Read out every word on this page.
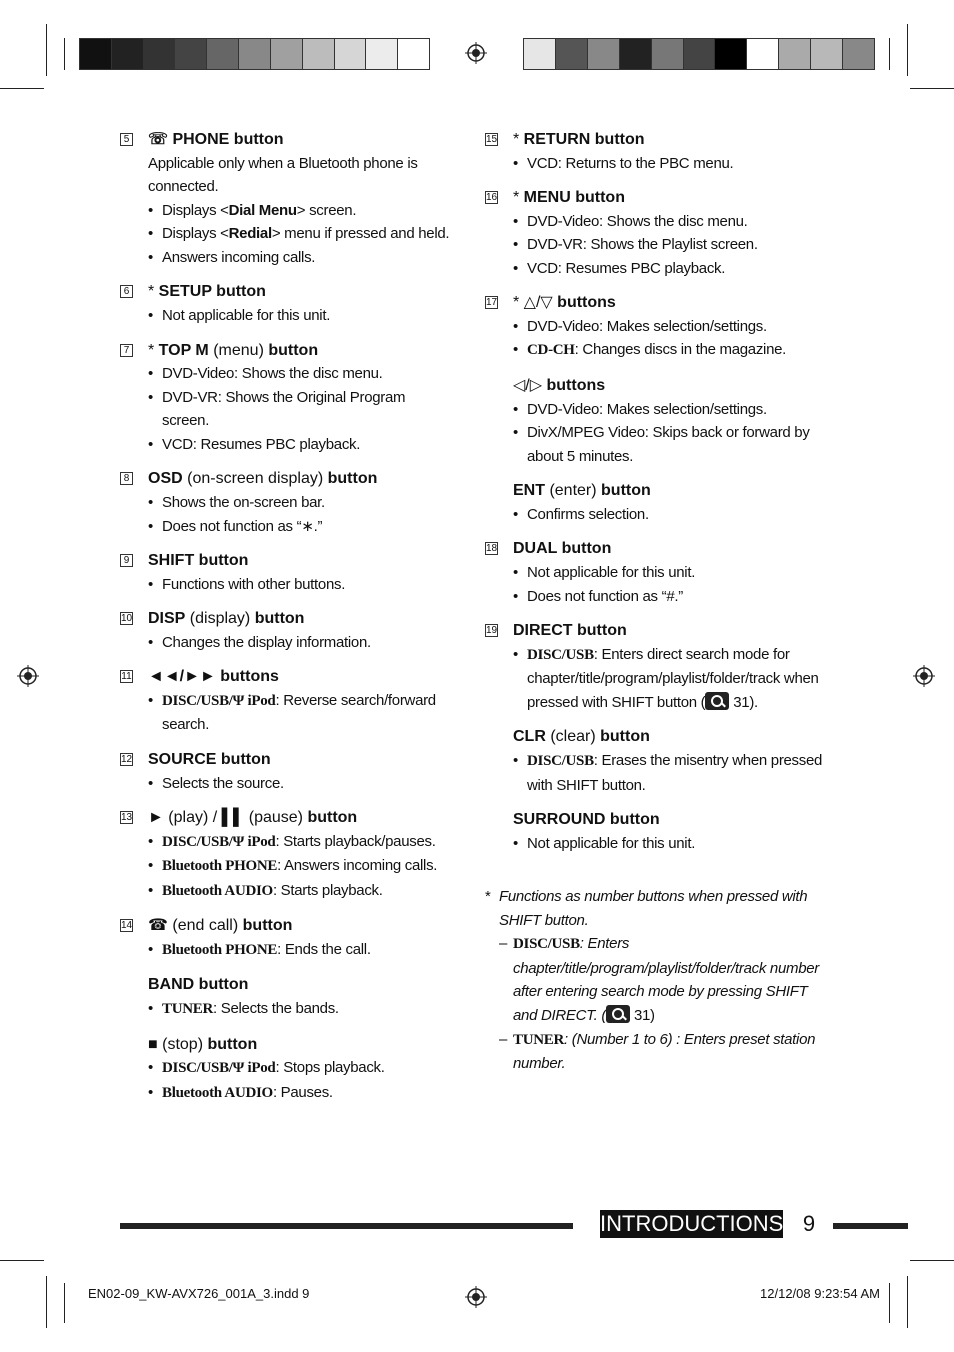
5	☏ PHONE button
Applicable only when a Bluetooth phone is
connected.
• Displays <Dial Menu> screen.
• Displays <Redial> menu if pressed and held.
• Answers incoming calls.
6	* SETUP button
• Not applicable for this unit.
7	* TOP M (menu) button
• DVD-Video: Shows the disc menu.
• DVD-VR: Shows the Original Program screen.
• VCD: Resumes PBC playback.
8	OSD (on-screen display) button
• Shows the on-screen bar.
• Does not function as “∗.”
9	SHIFT button
• Functions with other buttons.
10 DISP (display) button
• Changes the display information.
11	◄◄/►► buttons
• DISC/USB/Ψ iPod: Reverse search/forward search.
12 SOURCE button
• Selects the source.
13 ► (play) / ▌▌ (pause) button
• DISC/USB/Ψ iPod: Starts playback/pauses.
• Bluetooth PHONE: Answers incoming calls.
• Bluetooth AUDIO: Starts playback.
14 ☎ (end call) button
• Bluetooth PHONE: Ends the call.
BAND button
• TUNER: Selects the bands.
■ (stop) button
• DISC/USB/Ψ iPod: Stops playback.
• Bluetooth AUDIO: Pauses.
15 * RETURN button
• VCD: Returns to the PBC menu.
16 * MENU button
• DVD-Video: Shows the disc menu.
• DVD-VR: Shows the Playlist screen.
• VCD: Resumes PBC playback.
17 * △/▽ buttons
• DVD-Video: Makes selection/settings.
• CD-CH: Changes discs in the magazine.
◁/▷ buttons
• DVD-Video: Makes selection/settings.
• DivX/MPEG Video: Skips back or forward by about 5 minutes.
ENT (enter) button
• Confirms selection.
18 DUAL button
• Not applicable for this unit.
• Does not function as “#.”
19 DIRECT button
• DISC/USB: Enters direct search mode for chapter/title/program/playlist/folder/track when pressed with SHIFT button ( 31).
CLR (clear) button
• DISC/USB: Erases the misentry when pressed with SHIFT button.
SURROUND button
• Not applicable for this unit.
* Functions as number buttons when pressed with SHIFT button.
– DISC/USB: Enters chapter/title/program/playlist/folder/track number after entering search mode by pressing SHIFT and DIRECT. ( 31)
– TUNER: (Number 1 to 6) : Enters preset station number.
INTRODUCTIONS 9
EN02-09_KW-AVX726_001A_3.indd 9	12/12/08 9:23:54 AM
